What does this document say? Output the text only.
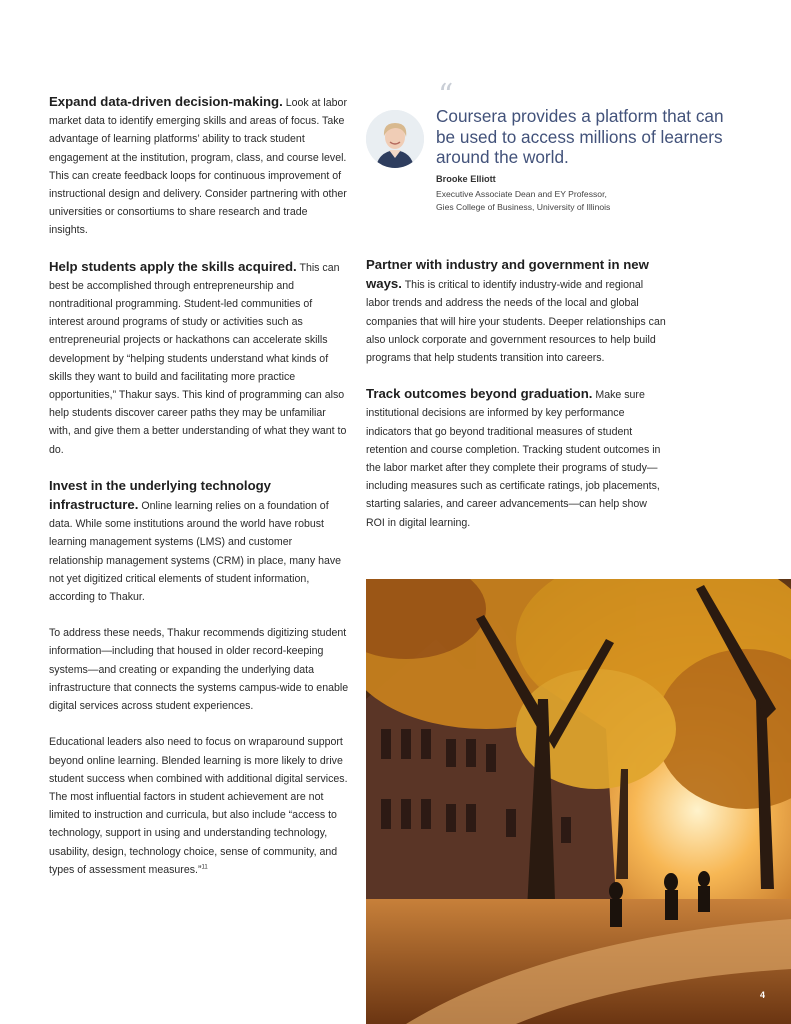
“
Coursera provides a platform that can be used to access millions of learners around the world.
Brooke Elliott
Executive Associate Dean and EY Professor,
Gies College of Business, University of Illinois

Expand data-driven decision-making. Look at labor market data to identify emerging skills and areas of focus. Take advantage of learning platforms’ ability to track student engagement at the institution, program, class, and course level. This can create feedback loops for continuous improvement of instructional design and delivery. Consider partnering with other universities or consortiums to share research and trade insights.

Help students apply the skills acquired. This can best be accomplished through entrepreneurship and nontraditional programming. Student-led communities of interest around programs of study or activities such as entrepreneurial projects or hackathons can accelerate skills development by “helping students understand what kinds of skills they want to build and facilitating more practice opportunities,” Thakur says. This kind of programming can also help students discover career paths they may be unfamiliar with, and give them a better understanding of what they want to do.

Invest in the underlying technology infrastructure. Online learning relies on a foundation of data. While some institutions around the world have robust learning management systems (LMS) and customer relationship management systems (CRM) in place, many have not yet digitized critical elements of student information, according to Thakur.

To address these needs, Thakur recommends digitizing student information—including that housed in older record-keeping systems—and creating or expanding the underlying data infrastructure that connects the systems campus-wide to enable digital services across student experiences.

Educational leaders also need to focus on wraparound support beyond online learning. Blended learning is more likely to drive student success when combined with additional digital services. The most influential factors in student achievement are not limited to instruction and curricula, but also include “access to technology, support in using and understanding technology, usability, design, technology choice, sense of community, and types of assessment measures.”$^{11}$

Partner with industry and government in new ways. This is critical to identify industry-wide and regional labor trends and address the needs of the local and global companies that will hire your students. Deeper relationships can also unlock corporate and government resources to help build programs that help students transition into careers.

Track outcomes beyond graduation. Make sure institutional decisions are informed by key performance indicators that go beyond traditional measures of student retention and course completion. Tracking student outcomes in the labor market after they complete their programs of study—including measures such as certificate ratings, job placements, starting salaries, and career advancements—can help show ROI in digital learning.

4
